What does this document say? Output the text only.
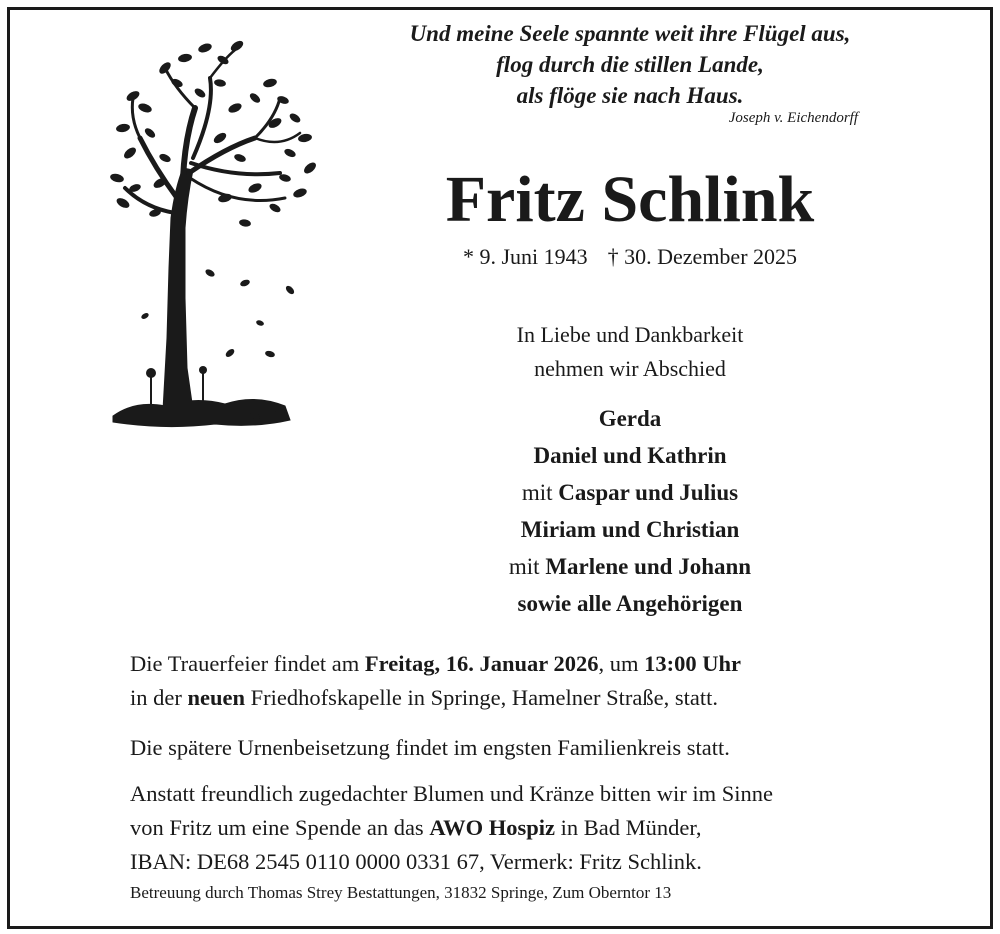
Und meine Seele spannte weit ihre Flügel aus,
flog durch die stillen Lande,
als flöge sie nach Haus.
Joseph v. Eichendorff
Fritz Schlink
* 9. Juni 1943 † 30. Dezember 2025
In Liebe und Dankbarkeit
nehmen wir Abschied
Gerda
Daniel und Kathrin
mit Caspar und Julius
Miriam und Christian
mit Marlene und Johann
sowie alle Angehörigen
Die Trauerfeier findet am Freitag, 16. Januar 2026, um 13:00 Uhr
in der neuen Friedhofskapelle in Springe, Hamelner Straße, statt.
Die spätere Urnenbeisetzung findet im engsten Familienkreis statt.
Anstatt freundlich zugedachter Blumen und Kränze bitten wir im Sinne
von Fritz um eine Spende an das AWO Hospiz in Bad Münder,
IBAN: DE68 2545 0110 0000 0331 67, Vermerk: Fritz Schlink.
Betreuung durch Thomas Strey Bestattungen, 31832 Springe, Zum Oberntor 13
